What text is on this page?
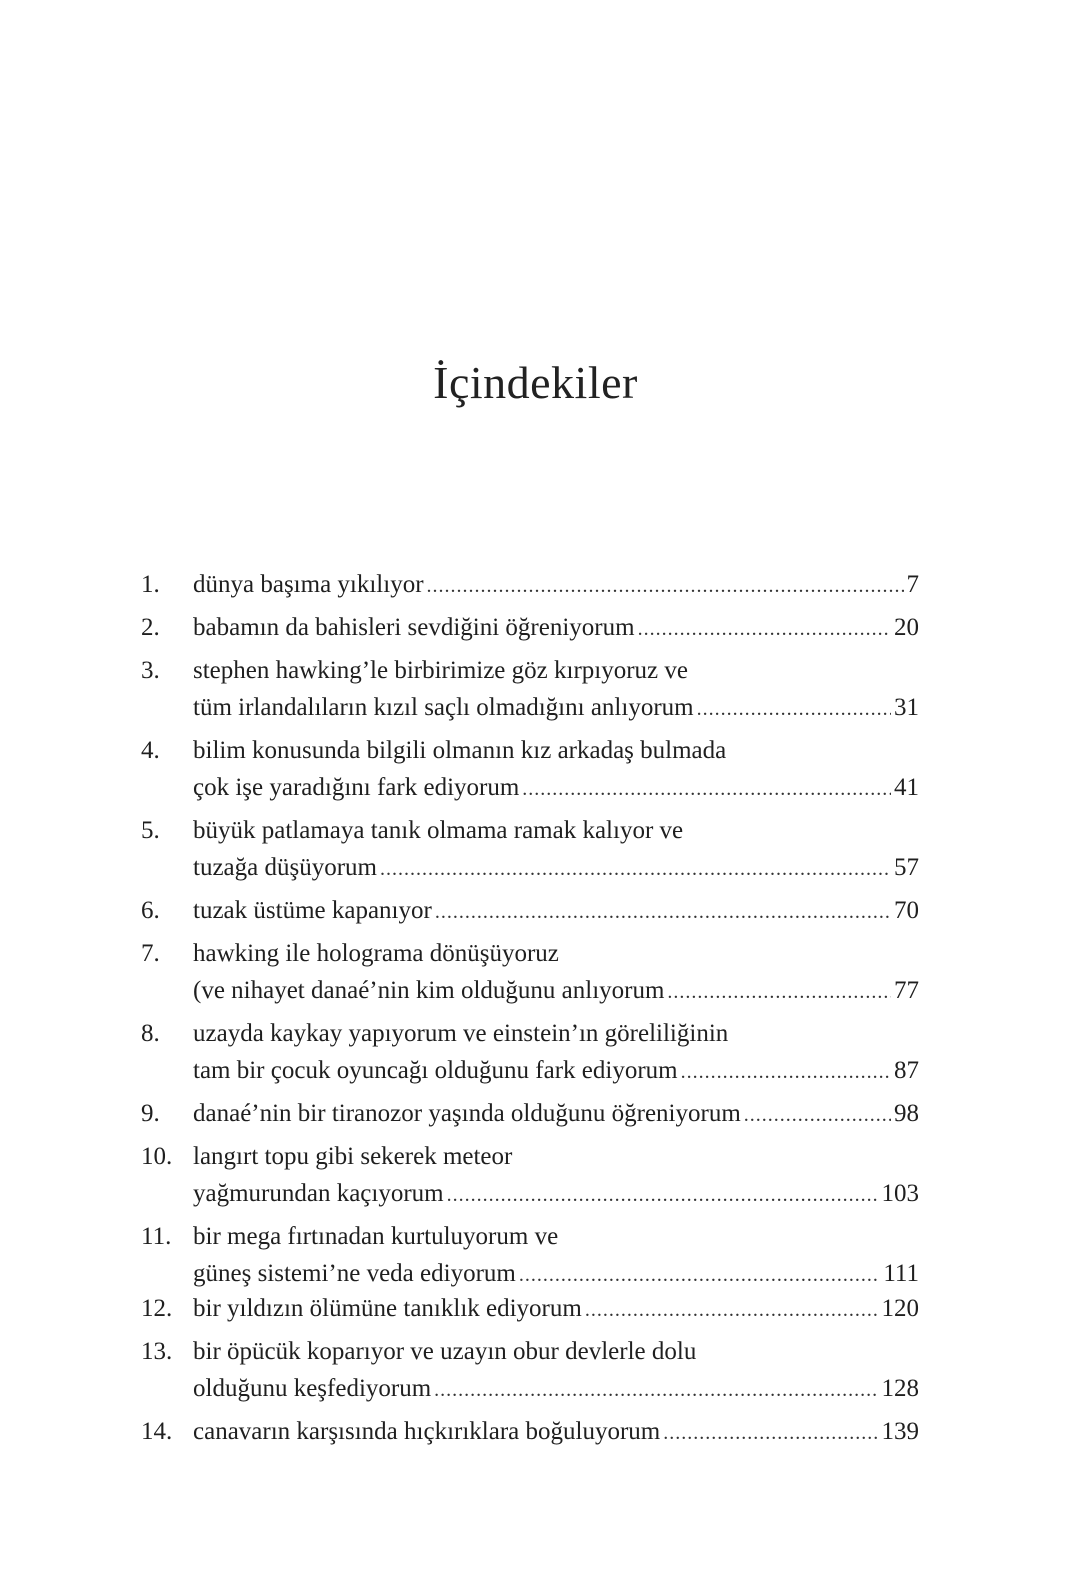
İçindekiler
1.	dünya başıma yıkılıyor .....	7
2.	babamın da bahisleri sevdiğini öğreniyorum .....	20
3.	stephen hawking’le birbirimize göz kırpıyoruz ve
tüm irlandalıların kızıl saçlı olmadığını anlıyorum .....	31
4.	bilim konusunda bilgili olmanın kız arkadaş bulmada
çok işe yaradığını fark ediyorum .....	41
5.	büyük patlamaya tanık olmama ramak kalıyor ve
tuzağa düşüyorum .....	57
6.	tuzak üstüme kapanıyor .....	70
7.	hawking ile holograma dönüşüyoruz
(ve nihayet danaé’nin kim olduğunu anlıyorum .....	77
8.	uzayda kaykay yapıyorum ve einstein’ın göreliliğinin
tam bir çocuk oyuncağı olduğunu fark ediyorum .....	87
9.	danaé’nin bir tiranozor yaşında olduğunu öğreniyorum .....	98
10. langırt topu gibi sekerek meteor
yağmurundan kaçıyorum .....	103
11. bir mega fırtınadan kurtuluyorum ve
güneş sistemi’ne veda ediyorum .....	111
12. bir yıldızın ölümüne tanıklık ediyorum .....	120
13. bir öpücük koparıyor ve uzayın obur devlerle dolu
olduğunu keşfediyorum .....	128
14. canavarın karşısında hıçkırıklara boğuluyorum .....	139
